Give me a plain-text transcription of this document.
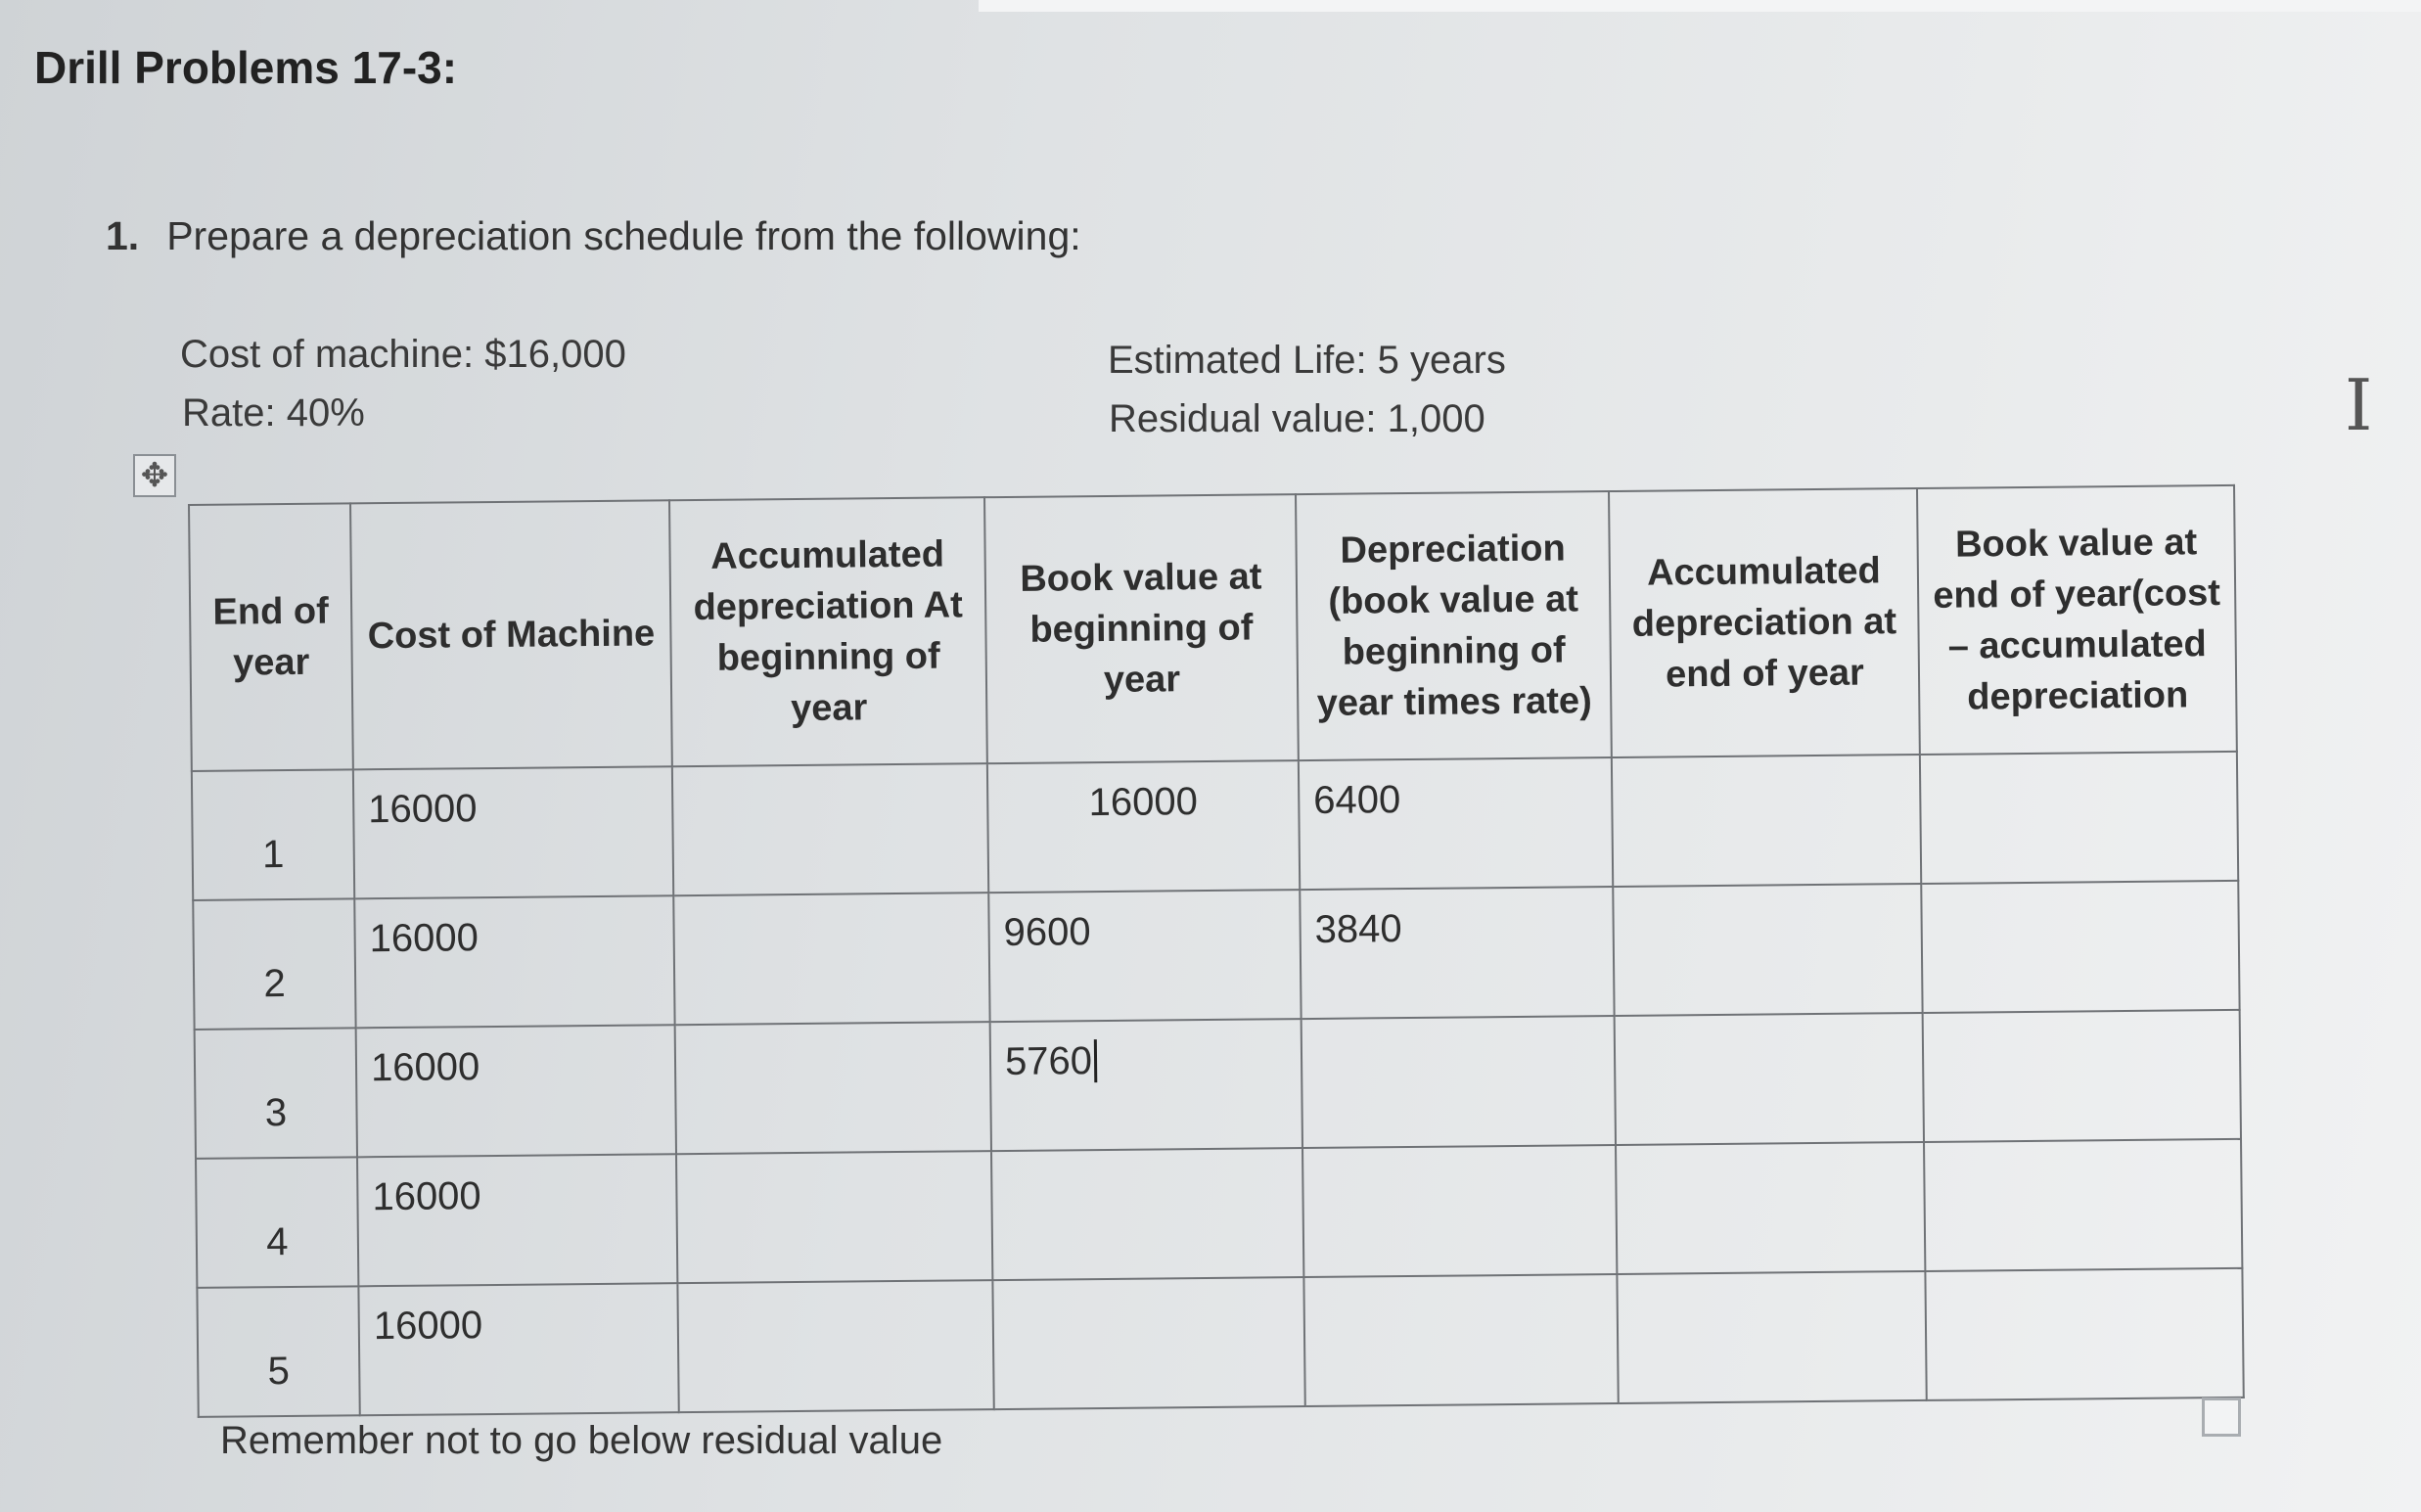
Drill Problems 17-3:
1. Prepare a depreciation schedule from the following:
Cost of machine: $16,000
Rate: 40%
Estimated Life: 5 years
Residual value: 1,000
✥
I
End of year	Cost of Machine	Accumulated depreciation At beginning of year	Book value at beginning of year	Depreciation (book value at beginning of year times rate)	Accumulated depreciation at end of year	Book value at end of year(cost – accumulated depreciation
1	16000		16000	6400		
2	16000		9600	3840		
3	16000		5760			
4	16000					
5	16000					
Remember not to go below residual value
